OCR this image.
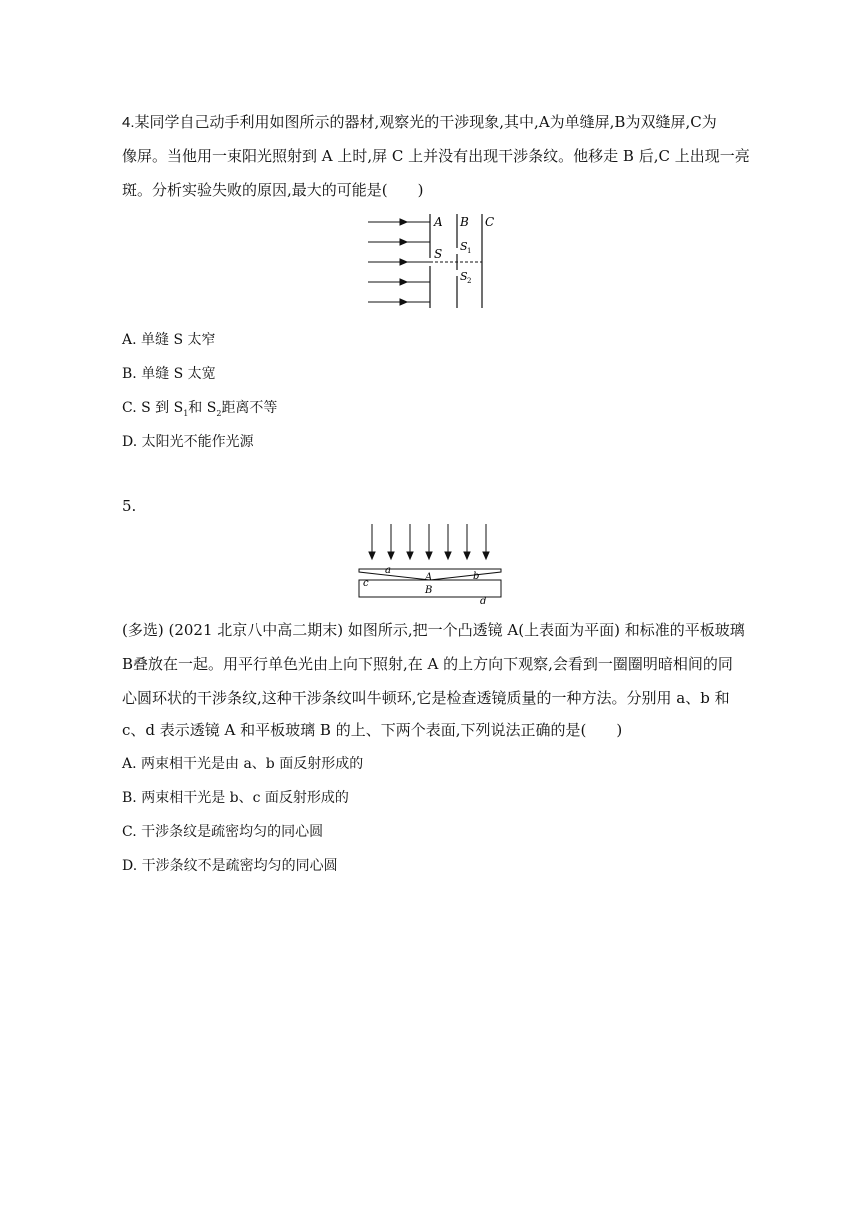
4.某同学自己动手利用如图所示的器材,观察光的干涉现象,其中,A为单缝屏,B为双缝屏,C为
像屏。当他用一束阳光照射到 A 上时,屏 C 上并没有出现干涉条纹。他移走 B 后,C 上出现一亮
斑。分析实验失败的原因,最大的可能是(　　)
A B C
S
S 1
S 2
A. 单缝 S 太窄
B. 单缝 S 太宽
C. S 到 $S_1$和 $S_2$距离不等
D. 太阳光不能作光源
5.
a
A	b
c
B
d
(多选) (2021 北京八中高二期末) 如图所示,把一个凸透镜 A(上表面为平面) 和标准的平板玻璃
B叠放在一起。用平行单色光由上向下照射,在 A 的上方向下观察,会看到一圈圈明暗相间的同
心圆环状的干涉条纹,这种干涉条纹叫牛顿环,它是检查透镜质量的一种方法。分别用 a、b 和
c、d 表示透镜 A 和平板玻璃 B 的上、下两个表面,下列说法正确的是(　　)
A. 两束相干光是由 a、b 面反射形成的
B. 两束相干光是 b、c 面反射形成的
C. 干涉条纹是疏密均匀的同心圆
D. 干涉条纹不是疏密均匀的同心圆
